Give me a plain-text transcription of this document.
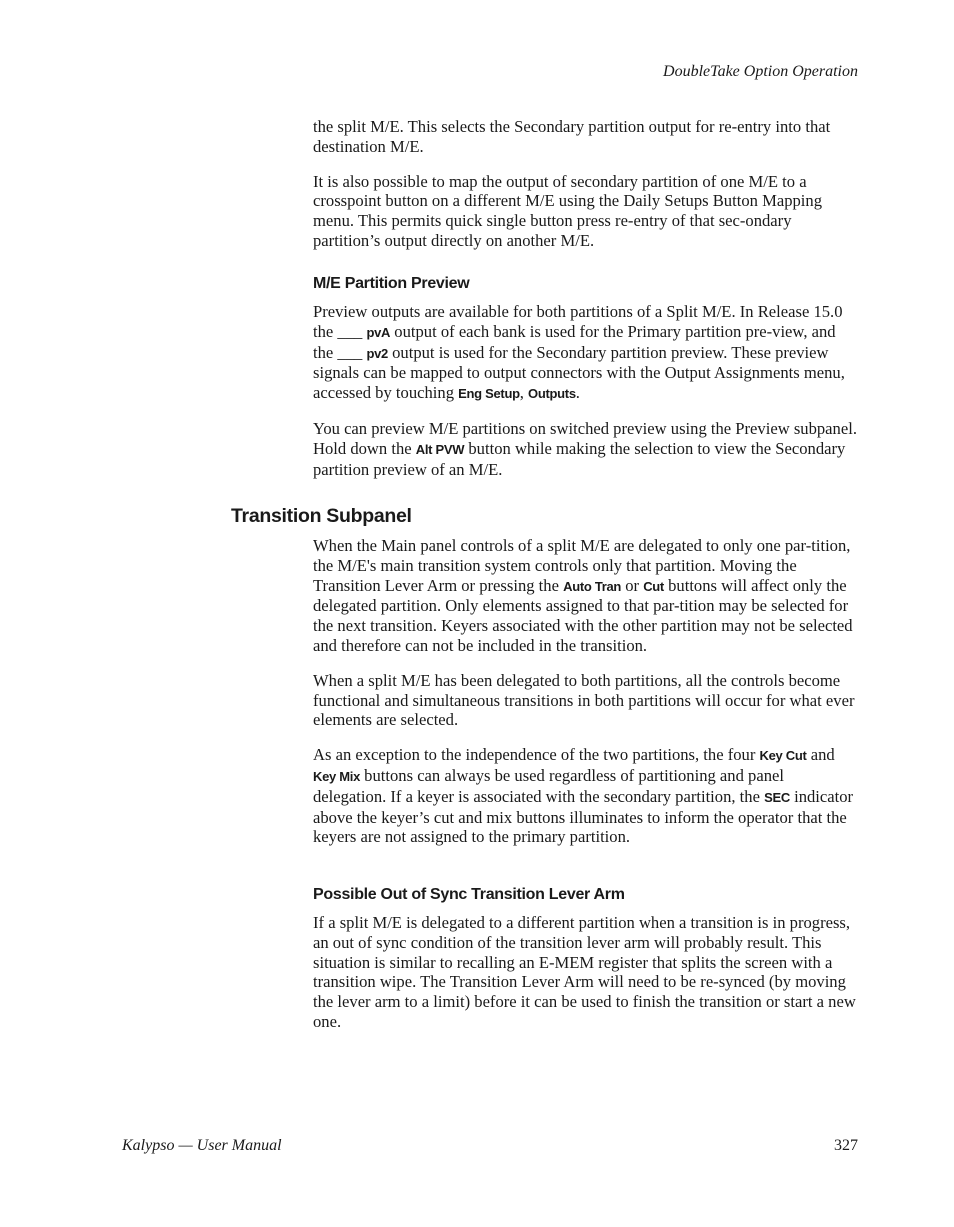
DoubleTake Option Operation

the split M/E. This selects the Secondary partition output for re-entry into that destination M/E.

It is also possible to map the output of secondary partition of one M/E to a crosspoint button on a different M/E using the Daily Setups Button Mapping menu. This permits quick single button press re-entry of that sec-ondary partition’s output directly on another M/E.

M/E Partition Preview

Preview outputs are available for both partitions of a Split M/E. In Release 15.0 the ___ pvA output of each bank is used for the Primary partition pre-view, and the ___ pv2 output is used for the Secondary partition preview. These preview signals can be mapped to output connectors with the Output Assignments menu, accessed by touching Eng Setup, Outputs.

You can preview M/E partitions on switched preview using the Preview subpanel. Hold down the Alt PVW button while making the selection to view the Secondary partition preview of an M/E.

Transition Subpanel

When the Main panel controls of a split M/E are delegated to only one par-tition, the M/E's main transition system controls only that partition. Moving the Transition Lever Arm or pressing the Auto Tran or Cut buttons will affect only the delegated partition. Only elements assigned to that par-tition may be selected for the next transition. Keyers associated with the other partition may not be selected and therefore can not be included in the transition.

When a split M/E has been delegated to both partitions, all the controls become functional and simultaneous transitions in both partitions will occur for what ever elements are selected.

As an exception to the independence of the two partitions, the four Key Cut and Key Mix buttons can always be used regardless of partitioning and panel delegation. If a keyer is associated with the secondary partition, the SEC indicator above the keyer’s cut and mix buttons illuminates to inform the operator that the keyers are not assigned to the primary partition.

Possible Out of Sync Transition Lever Arm

If a split M/E is delegated to a different partition when a transition is in progress, an out of sync condition of the transition lever arm will probably result. This situation is similar to recalling an E-MEM register that splits the screen with a transition wipe. The Transition Lever Arm will need to be re-synced (by moving the lever arm to a limit) before it can be used to finish the transition or start a new one.

Kalypso — User Manual	327
